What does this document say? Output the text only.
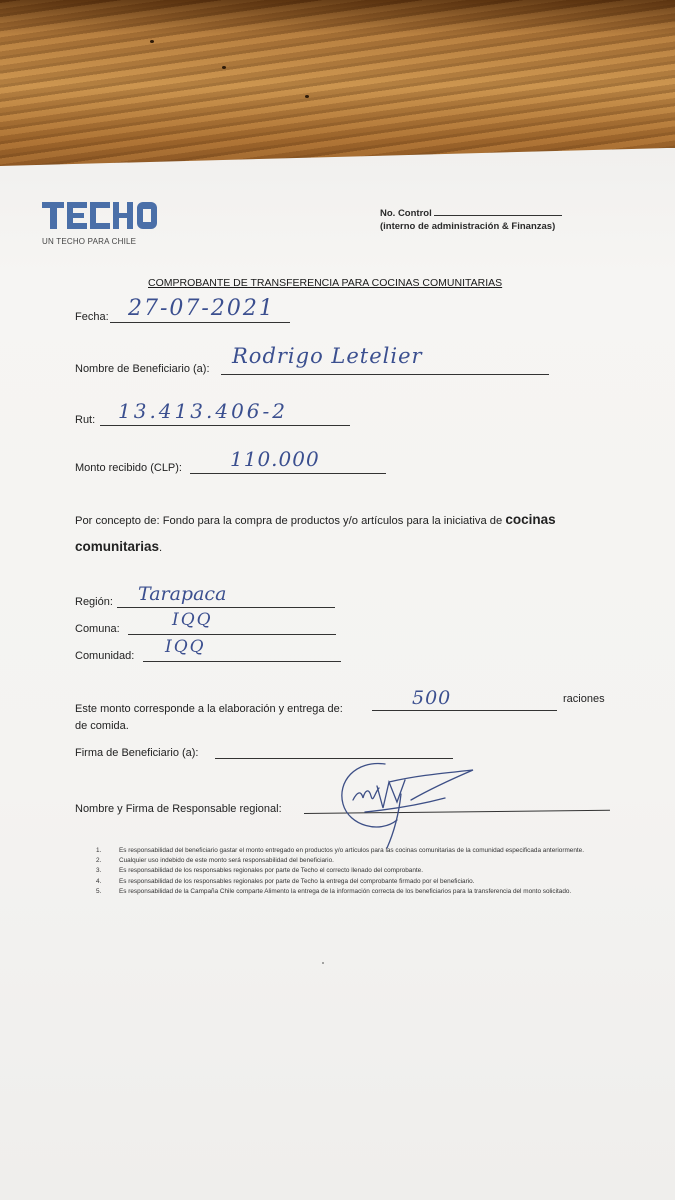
UN TECHO PARA CHILE
No. Control
(interno de administración & Finanzas)
COMPROBANTE DE TRANSFERENCIA PARA COCINAS COMUNITARIAS
Fecha: 27-07-2021
Nombre de Beneficiario (a):
Rodrigo Letelier
Rut: 13.413.406-2
Monto recibido (CLP): 110.000
Por concepto de: Fondo para la compra de productos y/o artículos para la iniciativa de cocinas comunitarias.
Región: Tarapaca
Comuna:	IQQ
Comunidad: IQQ
Este monto corresponde a la elaboración y entrega de:	500	raciones
de comida.
Firma de Beneficiario (a):
Nombre y Firma de Responsable regional:
1.	Es responsabilidad del beneficiario gastar el monto entregado en productos y/o artículos para las cocinas comunitarias de la comunidad especificada anteriormente.
2.	Cualquier uso indebido de este monto será responsabilidad del beneficiario.
3.	Es responsabilidad de los responsables regionales por parte de Techo el correcto llenado del comprobante.
4.	Es responsabilidad de los responsables regionales por parte de Techo la entrega del comprobante firmado por el beneficiario.
5.	Es responsabilidad de la Campaña Chile comparte Alimento la entrega de la información correcta de los beneficiarios para la transferencia del monto solicitado.
